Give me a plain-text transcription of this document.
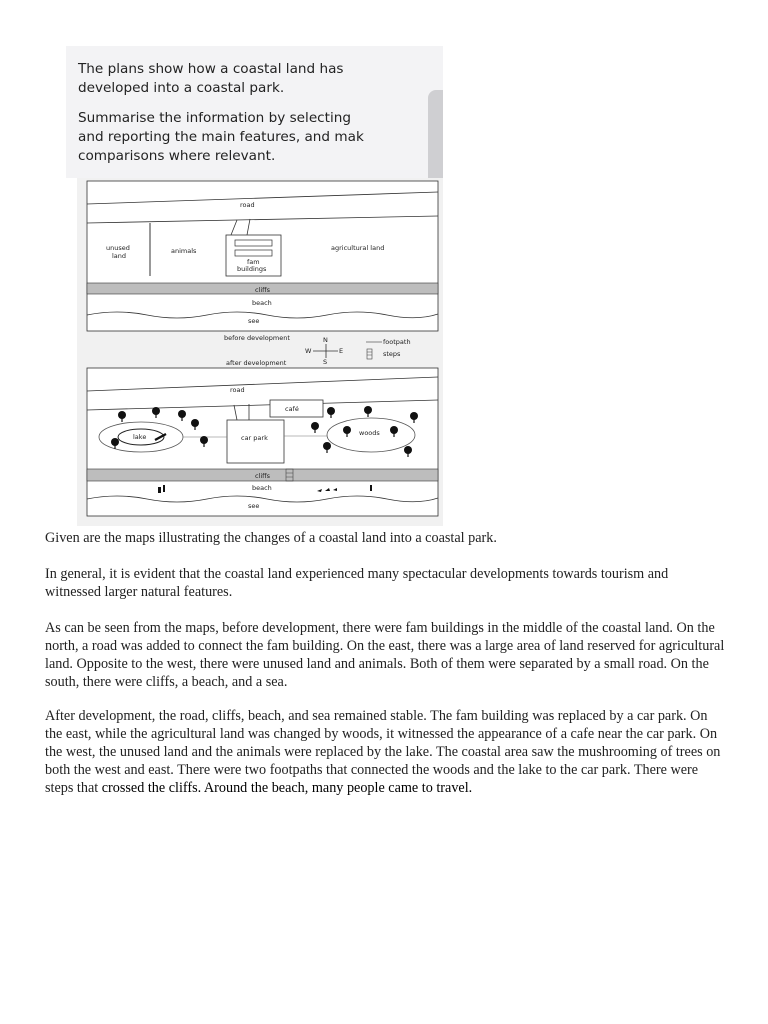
The plans show how a coastal land has
developed into a coastal park.
Summarise the information by selecting
and reporting the main features, and mak
comparisons where relevant.
road
unused
land
animals
fam
buildings
agricultural land
cliffs
beach
see
before development
after development
N
S
W	E
footpath
steps
road
café
lake	car park
woods
cliffs
beach
see

Given are the maps illustrating the changes of a coastal land into a coastal park.

In general, it is evident that the coastal land experienced many spectacular developments towards tourism and witnessed larger natural features.

As can be seen from the maps, before development, there were fam buildings in the middle of the coastal land. On the north, a road was added to connect the fam building. On the east, there was a large area of land reserved for agricultural land. Opposite to the west, there were unused land and animals. Both of them were separated by a small road. On the south, there were cliffs, a beach, and a sea.

After development, the road, cliffs, beach, and sea remained stable. The fam building was replaced by a car park. On the east, while the agricultural land was changed by woods, it witnessed the appearance of a cafe near the car park. On the west, the unused land and the animals were replaced by the lake. The coastal area saw the mushrooming of trees on both the west and east. There were two footpaths that connected the woods and the lake to the car park. There were steps that crossed the cliffs. Around the beach, many people came to travel.
